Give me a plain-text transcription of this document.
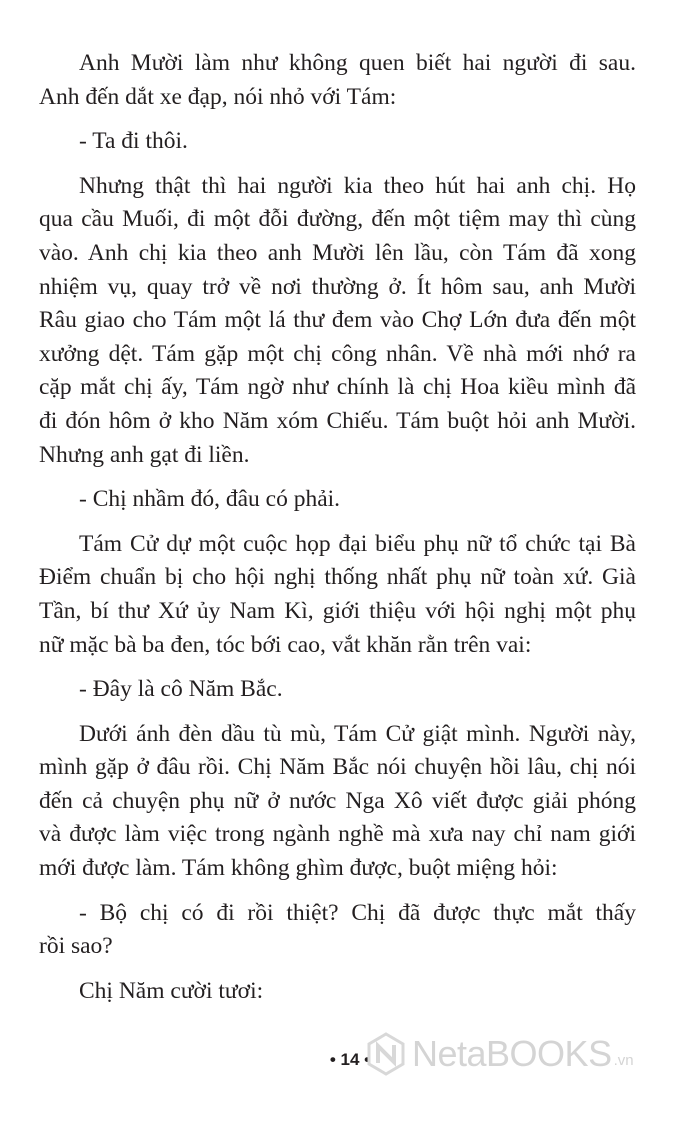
Anh Mười làm như không quen biết hai người đi sau.
Anh đến dắt xe đạp, nói nhỏ với Tám:
- Ta đi thôi.
Nhưng thật thì hai người kia theo hút hai anh chị. Họ
qua cầu Muối, đi một đỗi đường, đến một tiệm may thì cùng
vào. Anh chị kia theo anh Mười lên lầu, còn Tám đã xong
nhiệm vụ, quay trở về nơi thường ở. Ít hôm sau, anh Mười
Râu giao cho Tám một lá thư đem vào Chợ Lớn đưa đến một
xưởng dệt. Tám gặp một chị công nhân. Về nhà mới nhớ ra
cặp mắt chị ấy, Tám ngờ như chính là chị Hoa kiều mình đã
đi đón hôm ở kho Năm xóm Chiếu. Tám buột hỏi anh Mười.
Nhưng anh gạt đi liền.
- Chị nhầm đó, đâu có phải.
Tám Cử dự một cuộc họp đại biểu phụ nữ tổ chức tại Bà
Điểm chuẩn bị cho hội nghị thống nhất phụ nữ toàn xứ. Già
Tần, bí thư Xứ ủy Nam Kì, giới thiệu với hội nghị một phụ
nữ mặc bà ba đen, tóc bới cao, vắt khăn rằn trên vai:
- Đây là cô Năm Bắc.
Dưới ánh đèn dầu tù mù, Tám Cử giật mình. Người này,
mình gặp ở đâu rồi. Chị Năm Bắc nói chuyện hồi lâu, chị nói
đến cả chuyện phụ nữ ở nước Nga Xô viết được giải phóng
và được làm việc trong ngành nghề mà xưa nay chỉ nam giới
mới được làm. Tám không ghìm được, buột miệng hỏi:
- Bộ chị có đi rồi thiệt? Chị đã được thực mắt thấy
rồi sao?
Chị Năm cười tươi:
• 14 •	NetaBOOKS .vn
